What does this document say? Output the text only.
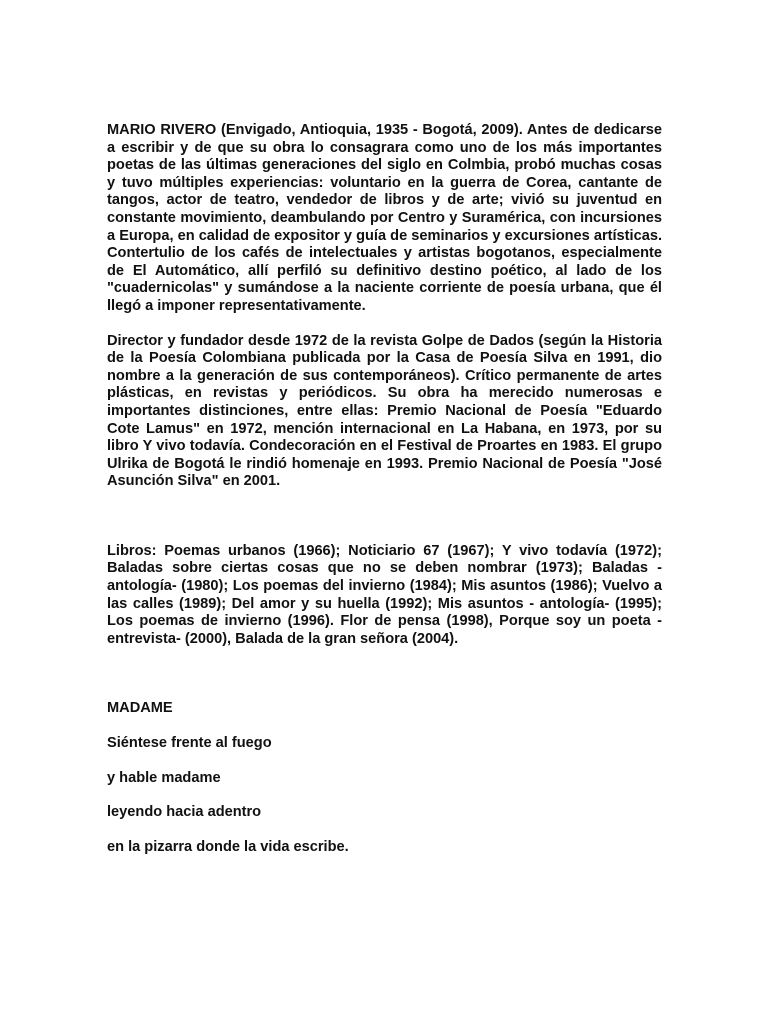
MARIO RIVERO (Envigado, Antioquia, 1935 - Bogotá, 2009). Antes de dedicarse a escribir y de que su obra lo consagrara como uno de los más importantes poetas de las últimas generaciones del siglo en Colmbia, probó muchas cosas y tuvo múltiples experiencias: voluntario en la guerra de Corea, cantante de tangos, actor de teatro, vendedor de libros y de arte; vivió su juventud en constante movimiento, deambulando por Centro y Suramérica, con incursiones a Europa, en calidad de expositor y guía de seminarios y excursiones artísticas. Contertulio de los cafés de intelectuales y artistas bogotanos, especialmente de El Automático, allí perfiló su definitivo destino poético, al lado de los "cuadernicolas" y sumándose a la naciente corriente de poesía urbana, que él llegó a imponer representativamente.

Director y fundador desde 1972 de la revista Golpe de Dados (según la Historia de la Poesía Colombiana publicada por la Casa de Poesía Silva en 1991, dio nombre a la generación de sus contemporáneos). Crítico permanente de artes plásticas, en revistas y periódicos. Su obra ha merecido numerosas e importantes distinciones, entre ellas: Premio Nacional de Poesía "Eduardo Cote Lamus" en 1972, mención internacional en La Habana, en 1973, por su libro Y vivo todavía. Condecoración en el Festival de Proartes en 1983. El grupo Ulrika de Bogotá le rindió homenaje en 1993. Premio Nacional de Poesía "José Asunción Silva" en 2001.

Libros: Poemas urbanos (1966); Noticiario 67 (1967); Y vivo todavía (1972); Baladas sobre ciertas cosas que no se deben nombrar (1973); Baladas - antología- (1980); Los poemas del invierno (1984); Mis asuntos (1986); Vuelvo a las calles (1989); Del amor y su huella (1992); Mis asuntos - antología- (1995); Los poemas de invierno (1996). Flor de pensa (1998), Porque soy un poeta -entrevista- (2000), Balada de la gran señora (2004).

MADAME

Siéntese frente al fuego

y hable madame

leyendo hacia adentro

en la pizarra donde la vida escribe.
